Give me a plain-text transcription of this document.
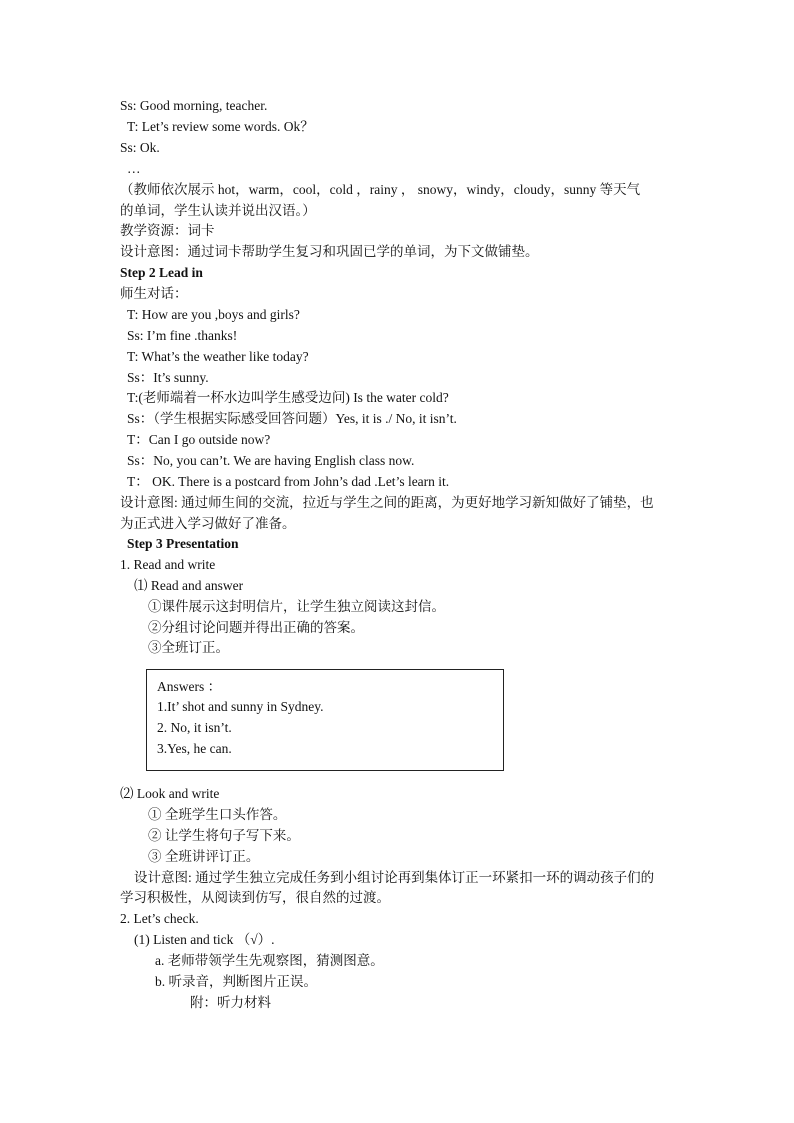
Ss: Good morning, teacher.
T: Let’s review some words. Ok？
Ss: Ok.
…
（教师依次展示 hot，warm，cool，cold ，rainy ， snowy，windy，cloudy，sunny 等天气
的单词，学生认读并说出汉语。）
教学资源：词卡
设计意图：通过词卡帮助学生复习和巩固已学的单词，为下文做铺垫。
Step 2 Lead in
师生对话：
T: How are you ,boys and girls?
Ss: I’m fine .thanks!
T: What’s the weather like today?
Ss：It’s sunny.
T:(老师端着一杯水边叫学生感受边问) Is the water cold?
Ss：（学生根据实际感受回答问题）Yes, it is ./ No, it isn’t.
T：Can I go outside now?
Ss：No, you can’t. We are having English class now.
T： OK. There is a postcard from John’s dad .Let’s learn it.
设计意图: 通过师生间的交流，拉近与学生之间的距离，为更好地学习新知做好了铺垫，也
为正式进入学习做好了准备。
Step 3 Presentation
1. Read and write
⑴ Read and answer
①课件展示这封明信片，让学生独立阅读这封信。
②分组讨论问题并得出正确的答案。
③全班订正。
Answers ：
1.It’ shot and sunny in Sydney.
2. No, it isn’t.
3.Yes, he can.
⑵ Look and write
① 全班学生口头作答。
② 让学生将句子写下来。
③ 全班讲评订正。
设计意图: 通过学生独立完成任务到小组讨论再到集体订正一环紧扣一环的调动孩子们的
学习积极性，从阅读到仿写，很自然的过渡。
2. Let’s check.
(1) Listen and tick （√）.
a. 老师带领学生先观察图，猜测图意。
b. 听录音，判断图片正误。
附：听力材料
